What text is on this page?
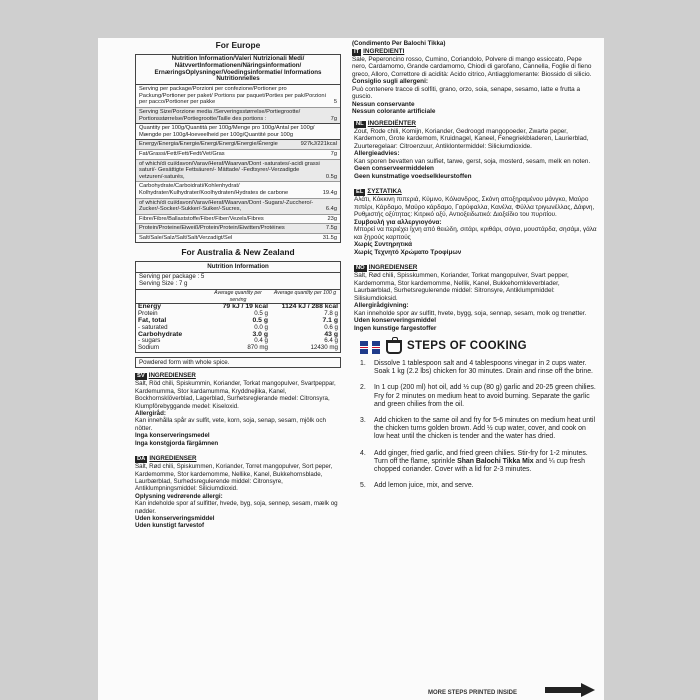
For Europe
Nutrition Information/Valeri Nutrizionali Medi/ NätvvertInformationen/Näringsinformation/ ErnæringsOplysninger/Voedingsinformatie/ Informations Nutritionnelles
Serving per package/Porzioni per confezione/Portioner pro Packung/Portioner per paket/ Portions par paquet/Porties per pak/Porzioni per pacco/Portioner per pakke	5
Serving Size/Porzione media /Serveringsstørrelse/Portiegrootte/ Portionsstørrelse/Portiegrootte/Taille des portions :	7g
Quantity per 100g/Quantità per 100g/Menge pro 100g/Antal per 100g/ Mængde per 100g/Hoeveelheid per 100g/Quantité pour 100g
Energy/Energia/Energie/Energi/Energi/Energie/Énergie	927kJ/221kcal
Fat/Grassi/Fett/Fett/Fedt/Vet/Gras	7g
of which/di cui/davon/Varav/Heraf/Waarvan/Dont -saturates/-acidi grassi saturi/- Gesättigte Fettsäuren/- Mättade/ -Fedtsyrer/-Verzadigde vetzuren/-saturés,	0.5g
Carbohydrate/Carboidrati/Kohlenhydrat/ Kolhydrater/Kulhydrater/Koolhydraten/Hydrates de carbone	19.4g
of which/di cui/davon/Varav/Heraf/Waarvan/Dont -Sugars/-Zucchero/-Zucker/-Socker/-Sukker/-Suiker/-Sucres,	6.4g
Fibre/Fibre/Ballaststoffe/Fiber/Fiber/Vezels/Fibres	23g
Protein/Proteine/Eiweiß/Protein/Protein/Eiwitten/Protéines	7.5g
Salt/Sale/Salz/Salt/Salt/Verzadigt/Sel	31.5g
For Australia & New Zealand
Nutrition Information
Serving per package : 5
Serving Size : 7 g
Average quantity per serving
Average quantity per 100 g
Energy	79 kJ / 19 kcal	1124 kJ / 288 kcal
Protein	0.5 g	7.8 g
Fat, total	0.5 g	7.1 g
- saturated	0.0 g	0.6 g
Carbohydrate	3.0 g	43 g
- sugars	0.4 g	6.4 g
Sodium	870 mg	12430 mg
Powdered form with whole spice.

SV INGREDIENSER

Salt, Röd chili, Spiskummin, Koriander, Torkat mangopulver, Svartpeppar, Kardemumma, Stor kardamumma, Kryddnejlika, Kanel, Bockhornsklöverblad, Lagerblad, Surhetsreglerande medel: Citronsyra, Klumpförebyggande medel: Kiseloxid.

Allergiråd:

Kan innehålla spår av sulfit, vete, korn, soja, senap, sesam, mjölk och nötter.

Inga konserveringsmedel

Inga konstgjorda färgämnen

DA INGREDIENSER

Salt, Rød chili, Spiskummen, Koriander, Torret mangopulver, Sort peper, Kardemomme, Stor kardemomme, Nellike, Kanel, Bukkehornsblade, Laurbærblad, Surhedsregulerende middel: Citronsyre, Antiklumpningsmiddel: Siliciumdioxid.

Oplysning vedrørende allergi:

Kan indeholde spor af sulfitter, hvede, byg, soja, sennep, sesam, mælk og nødder.

Uden konserveringsmiddel

Uden kunstigt farvestof

(Condimento Per Balochi Tikka)

IT INGREDIENTI

Sale, Peperoncino rosso, Cumino, Coriandolo, Polvere di mango essiccato, Pepe nero, Cardamomo, Grande cardamomo, Chiodi di garofano, Cannella, Foglie di fieno greco, Alloro, Correttore di acidità: Acido citrico, Antiagglomerante: Biossido di silicio.

Consiglio sugli allergeni:

Può contenere tracce di solfiti, grano, orzo, soia, senape, sesamo, latte e frutta a guscio.

Nessun conservante

Nessun colorante artificiale

NL INGREDIËNTER

Zout, Rode chili, Komijn, Koriander, Gedroogd mangopoeder, Zwarte peper, Kardemom, Grote kardemom, Kruidnagel, Kaneel, Fenegriekbladeren, Laurierblad, Zuurteregelaar: Citroenzuur, Antiklontermiddel: Siliciumdioxide.

Allergieadvies:

Kan sporen bevatten van sulfiet, tarwe, gerst, soja, mosterd, sesam, melk en noten.

Geen conserveermiddelen

Geen kunstmatige voedselkleurstoffen

EL ΣΥΣΤΑΤΙΚΑ

Αλάτι, Κόκκινη πιπεριά, Κύμινο, Κόλιανδρος, Σκόνη αποξηραμένου μάνγκο, Μαύρο πιπέρι, Κάρδαμο, Μαύρο κάρδαμο, Γαρύφαλλα, Κανέλα, Φύλλα τριγωνέλλας, Δάφνη, Ρυθμιστής οξύτητας: Κιτρικό οξύ, Αντιοξειδωτικό: Διοξείδιο του πυριτίου.

Συμβουλή για αλλεργιογόνα:

Μπορεί να περιέχει ίχνη από θειώδη, σιτάρι, κριθάρι, σόγια, μουστάρδα, σησάμι, γάλα και ξηρούς καρπούς

Χωρίς Συντηρητικά

Χωρίς Τεχνητό Χρώματο Τροφίμων

NO INGREDIENSER

Salt, Rød chili, Spisskummen, Koriander, Torkat mangopulver, Svart pepper, Kardemomma, Stor kardemomme, Nellik, Kanel, Bukkehornkleverblader, Laurbærblad, Surhetsregulerende middel: Sitronsyre, Antiklumpmiddel: Silisiumdioksid.

Allergirådgivning:

Kan inneholde spor av sulfitt, hvete, bygg, soja, sennap, sesam, molk og trenøtter.

Uden konserveringsmiddel

Ingen kunstige fargestoffer

STEPS OF COOKING
1.	Dissolve 1 tablespoon salt and 4 tablespoons vinegar in 2 cups water. Soak 1 kg (2.2 lbs) chicken for 30 minutes. Drain and rinse off the brine.
2.	In 1 cup (200 ml) hot oil, add ½ cup (80 g) garlic and 20-25 green chilies. Fry for 2 minutes on medium heat to avoid burning. Separate the garlic and green chilies from the oil.
3.	Add chicken to the same oil and fry for 5-6 minutes on medium heat until the chicken turns golden brown. Add ½ cup water, cover, and cook on low heat until the chicken is tender and the water has dried.
4.	Add ginger, fried garlic, and fried green chilies. Stir-fry for 1-2 minutes. Turn off the flame, sprinkle Shan Balochi Tikka Mix and ¼ cup fresh chopped coriander. Cover with a lid for 2-3 minutes.
5.	Add lemon juice, mix, and serve.
MORE STEPS PRINTED INSIDE
